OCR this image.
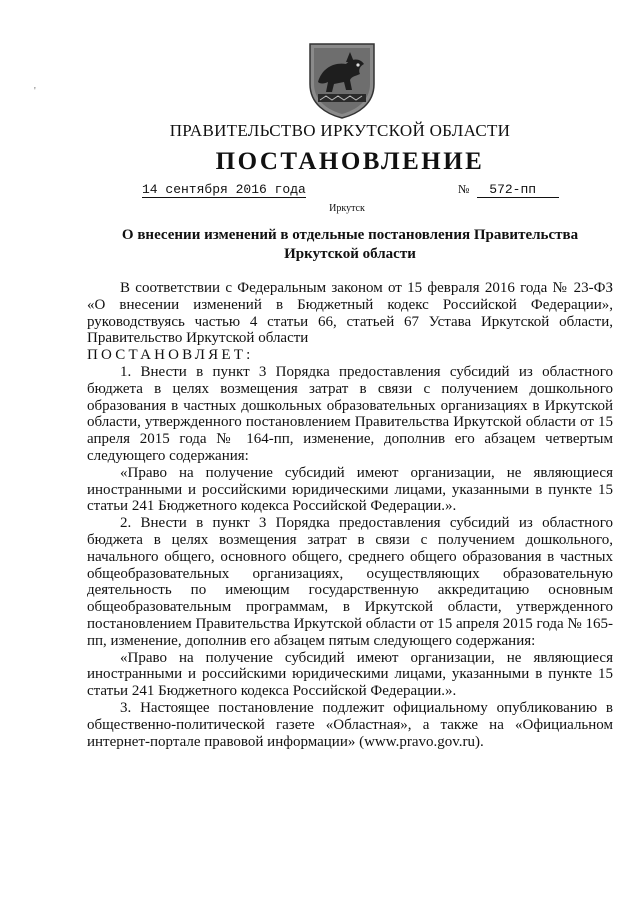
'
ПРАВИТЕЛЬСТВО ИРКУТСКОЙ ОБЛАСТИ
ПОСТАНОВЛЕНИЕ
14 сентября 2016 года	№ 572-пп
Иркутск
О внесении изменений в отдельные постановления Правительства Иркутской области

В соответствии с Федеральным законом от 15 февраля 2016 года № 23-ФЗ «О внесении изменений в Бюджетный кодекс Российской Федерации», руководствуясь частью 4 статьи 66, статьей 67 Устава Иркутской области, Правительство Иркутской области

ПОСТАНОВЛЯЕТ:

1. Внести в пункт 3 Порядка предоставления субсидий из областного бюджета в целях возмещения затрат в связи с получением дошкольного образования в частных дошкольных образовательных организациях в Иркутской области, утвержденного постановлением Правительства Иркутской области от 15 апреля 2015 года № 164-пп, изменение, дополнив его абзацем четвертым следующего содержания:

«Право на получение субсидий имеют организации, не являющиеся иностранными и российскими юридическими лицами, указанными в пункте 15 статьи 241 Бюджетного кодекса Российской Федерации.».

2. Внести в пункт 3 Порядка предоставления субсидий из областного бюджета в целях возмещения затрат в связи с получением дошкольного, начального общего, основного общего, среднего общего образования в частных общеобразовательных организациях, осуществляющих образовательную деятельность по имеющим государственную аккредитацию основным общеобразовательным программам, в Иркутской области, утвержденного постановлением Правительства Иркутской области от 15 апреля 2015 года № 165-пп, изменение, дополнив его абзацем пятым следующего содержания:

«Право на получение субсидий имеют организации, не являющиеся иностранными и российскими юридическими лицами, указанными в пункте 15 статьи 241 Бюджетного кодекса Российской Федерации.».

3. Настоящее постановление подлежит официальному опубликованию в общественно-политической газете «Областная», а также на «Официальном интернет-портале правовой информации» (www.pravo.gov.ru).
